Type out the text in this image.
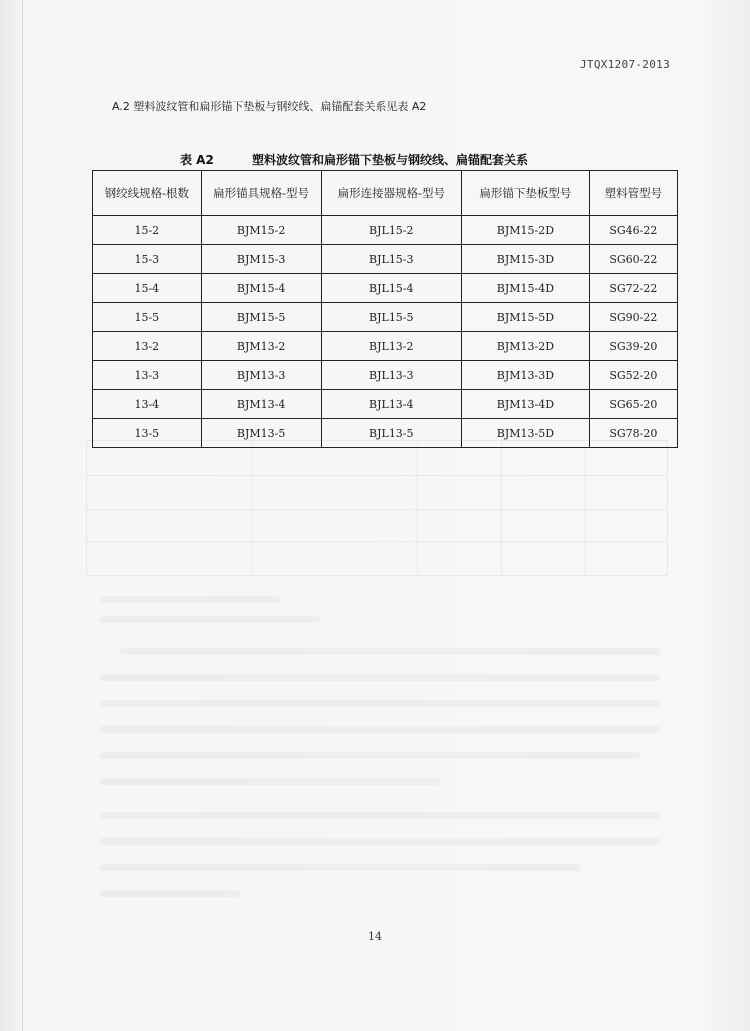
JTQX1207-2013
A.2 塑料波纹管和扁形锚下垫板与钢绞线、扁锚配套关系见表 A2
表 A2	塑料波纹管和扁形锚下垫板与钢绞线、扁锚配套关系
钢绞线规格-根数	扁形锚具规格-型号	扁形连接器规格-型号	扁形锚下垫板型号	塑料管型号
15-2	BJM15-2	BJL15-2	BJM15-2D	SG46-22
15-3	BJM15-3	BJL15-3	BJM15-3D	SG60-22
15-4	BJM15-4	BJL15-4	BJM15-4D	SG72-22
15-5	BJM15-5	BJL15-5	BJM15-5D	SG90-22
13-2	BJM13-2	BJL13-2	BJM13-2D	SG39-20
13-3	BJM13-3	BJL13-3	BJM13-3D	SG52-20
13-4	BJM13-4	BJL13-4	BJM13-4D	SG65-20
13-5	BJM13-5	BJL13-5	BJM13-5D	SG78-20
14
